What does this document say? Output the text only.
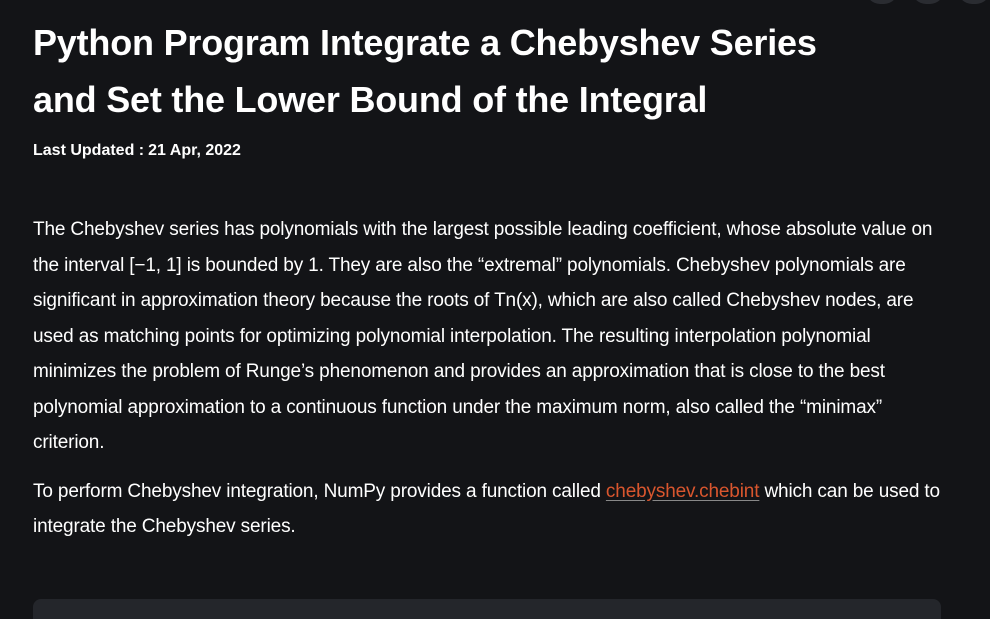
Python Program Integrate a Chebyshev Series
and Set the Lower Bound of the Integral
Last Updated : 21 Apr, 2022

The Chebyshev series has polynomials with the largest possible leading coefficient, whose absolute value on the interval [−1, 1] is bounded by 1. They are also the “extremal” polynomials. Chebyshev polynomials are significant in approximation theory because the roots of Tn(x), which are also called Chebyshev nodes, are used as matching points for optimizing polynomial interpolation. The resulting interpolation polynomial minimizes the problem of Runge’s phenomenon and provides an approximation that is close to the best polynomial approximation to a continuous function under the maximum norm, also called the “minimax” criterion.

To perform Chebyshev integration, NumPy provides a function called chebyshev.chebint which can be used to integrate the Chebyshev series.
